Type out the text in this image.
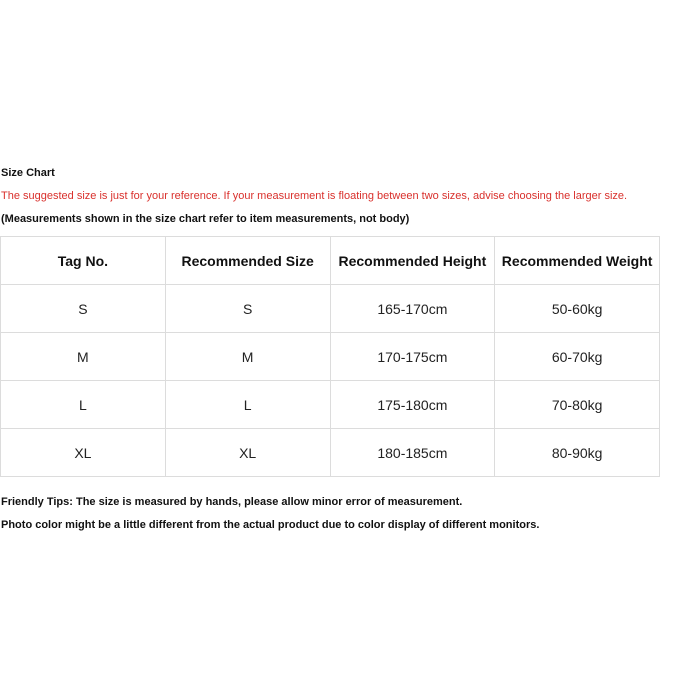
Size Chart
The suggested size is just for your reference. If your measurement is floating between two sizes, advise choosing the larger size.
(Measurements shown in the size chart refer to item measurements, not body)
Tag No.	Recommended Size	Recommended Height	Recommended Weight
S	S	165-170cm	50-60kg
M	M	170-175cm	60-70kg
L	L	175-180cm	70-80kg
XL	XL	180-185cm	80-90kg
Friendly Tips: The size is measured by hands, please allow minor error of measurement.
Photo color might be a little different from the actual product due to color display of different monitors.
